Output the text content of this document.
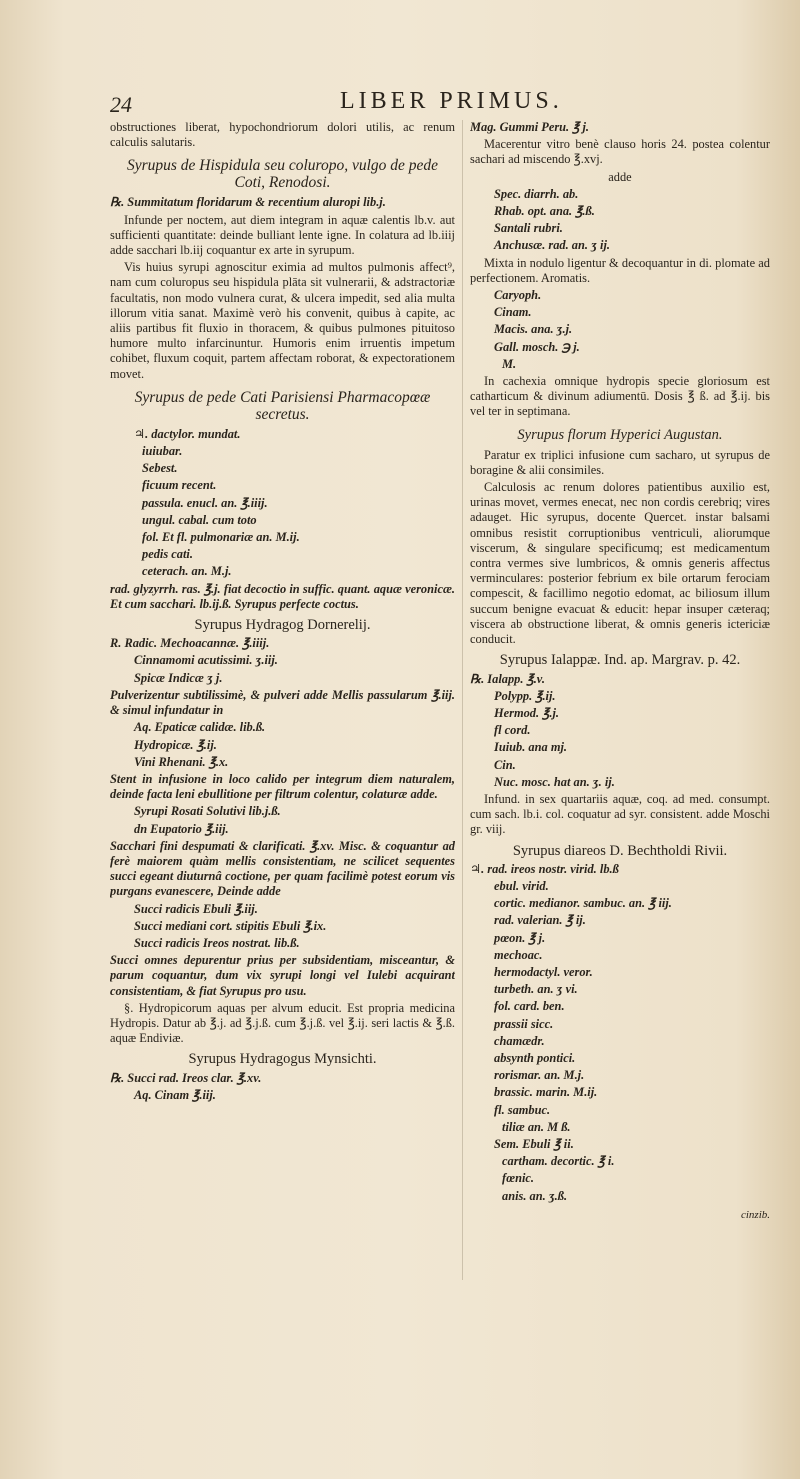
24	LIBER PRIMUS.

obstructiones liberat, hypochondriorum dolori utilis, ac renum calculis salutaris.

Syrupus de Hispidula seu coluropo, vulgo de pede Coti, Renodosi.

℞. Summitatum floridarum & recentium aluropi lib.j.

Infunde per noctem, aut diem integram in aquæ calentis lb.v. aut sufficienti quantitate: deinde bulliant lente igne. In colatura ad lb.iiij adde sacchari lb.iij coquantur ex arte in syrupum.

Vis huius syrupi agnoscitur eximia ad multos pulmonis affect⁹, nam cum coluropus seu hispidula plāta sit vulnerarii, & adstractoriæ facultatis, non modo vulnera curat, & ulcera impedit, sed alia multa illorum vitia sanat. Maximè verò his convenit, quibus à capite, ac aliis partibus fit fluxio in thoracem, & quibus pulmones pituitoso humore multo infarcinuntur. Humoris enim irruentis impetum cohibet, fluxum coquit, partem affectam roborat, & expectorationem movet.

Syrupus de pede Cati Parisiensi Pharmacopœæ secretus.

♃. dactylor. mundat.

iuiubar.

Sebest.

ficuum recent.

passula. enucl. an. ℥.iiij.

ungul. cabal. cum toto

fol. Et fl. pulmonariæ an. M.ij.

pedis cati.

ceterach. an. M.j.

rad. glyzyrrh. ras. ℥.j. fiat decoctio in suffic. quant. aquæ veronicæ. Et cum sacchari. lb.ij.ß. Syrupus perfecte coctus.

Syrupus Hydragog Dornerelij.

R. Radic. Mechoacannæ. ℥.iiij.

Cinnamomi acutissimi. ʒ.iij.

Spicæ Indicæ ʒ j.

Pulverizentur subtilissimè, & pulveri adde Mellis passularum ℥.iij. & simul infundatur in

Aq. Epaticæ calidæ. lib.ß.

Hydropicæ. ℥.ij.

Vini Rhenani. ℥.x.

Stent in infusione in loco calido per integrum diem naturalem, deinde facta leni ebullitione per filtrum colentur, colaturæ adde.

Syrupi Rosati Solutivi lib.j.ß.

dn Eupatorio ℥.iij.

Sacchari fini despumati & clarificati. ℥.xv. Misc. & coquantur ad ferè maiorem quàm mellis consistentiam, ne scilicet sequentes succi egeant diuturnâ coctione, per quam facilimè potest eorum vis purgans evanescere, Deinde adde

Succi radicis Ebuli ℥.iij.

Succi mediani cort. stipitis Ebuli ℥.ix.

Succi radicis Ireos nostrat. lib.ß.

Succi omnes depurentur prius per subsidentiam, misceantur, & parum coquantur, dum vix syrupi longi vel Iulebi acquirant consistentiam, & fiat Syrupus pro usu.

§. Hydropicorum aquas per alvum educit. Est propria medicina Hydropis. Datur ab ℥.j. ad ℥.j.ß. cum ℥.j.ß. vel ℥.ij. seri lactis & ℥.ß. aquæ Endiviæ.

Syrupus Hydragogus Mynsichti.

℞. Succi rad. Ireos clar. ℥.xv.

Aq. Cinam ℥.iij.

Mag. Gummi Peru. ℥ j.

Macerentur vitro benè clauso horis 24. postea colentur sachari ad miscendo ℥.xvj.

adde

Spec. diarrh. ab.

Rhab. opt. ana. ℥.ß.

Santali rubri.

Anchusæ. rad. an. ʒ ij.

Mixta in nodulo ligentur & decoquantur in di. plomate ad perfectionem. Aromatis.

Caryoph.

Cinam.

Macis. ana. ʒ.j.

Gall. mosch. ℈ j.

M.

In cachexia omnique hydropis specie gloriosum est catharticum & divinum adiumentū. Dosis ℥ ß. ad ℥.ij. bis vel ter in septimana.

Syrupus florum Hyperici Augustan.

Paratur ex triplici infusione cum sacharo, ut syrupus de boragine & alii consimiles.

Calculosis ac renum dolores patientibus auxilio est, urinas movet, vermes enecat, nec non cordis cerebriq; vires adauget. Hic syrupus, docente Quercet. instar balsami omnibus resistit corruptionibus ventriculi, aliorumque viscerum, & singulare specificumq; est medicamentum contra vermes sive lumbricos, & omnis generis affectus verminculares: posterior febrium ex bile ortarum ferociam compescit, & facillimo negotio edomat, ac biliosum illum succum benigne evacuat & educit: hepar insuper cæteraq; viscera ab obstructione liberat, & omnis generis ictericiæ conducit.

Syrupus Ialappæ. Ind. ap. Margrav. p. 42.

℞. Ialapp. ℥.v.

Polypp. ℥.ij.

Hermod. ℥.j.

fl cord.

Iuiub. ana mj.

Cin.

Nuc. mosc. hat an. ʒ. ij.

Infund. in sex quartariis aquæ, coq. ad med. consumpt. cum sach. lb.i. col. coquatur ad syr. consistent. adde Moschi gr. viij.

Syrupus diareos D. Bechtholdi Rivii.

♃. rad. ireos nostr. virid. lb.ß

ebul. virid.

cortic. medianor. sambuc. an. ℥ iij.

rad. valerian. ℥ ij.

pœon. ℥ j.

mechoac.

hermodactyl. veror.

turbeth. an. ʒ vi.

fol. card. ben.

prassii sicc.

chamædr.

absynth pontici.

rorismar. an. M.j.

brassic. marin. M.ij.

fl. sambuc.

tiliæ an. M ß.

Sem. Ebuli ℥ ii.

cartham. decortic. ℥ i.

fœnic.

anis. an. ʒ.ß.

cinzib.
